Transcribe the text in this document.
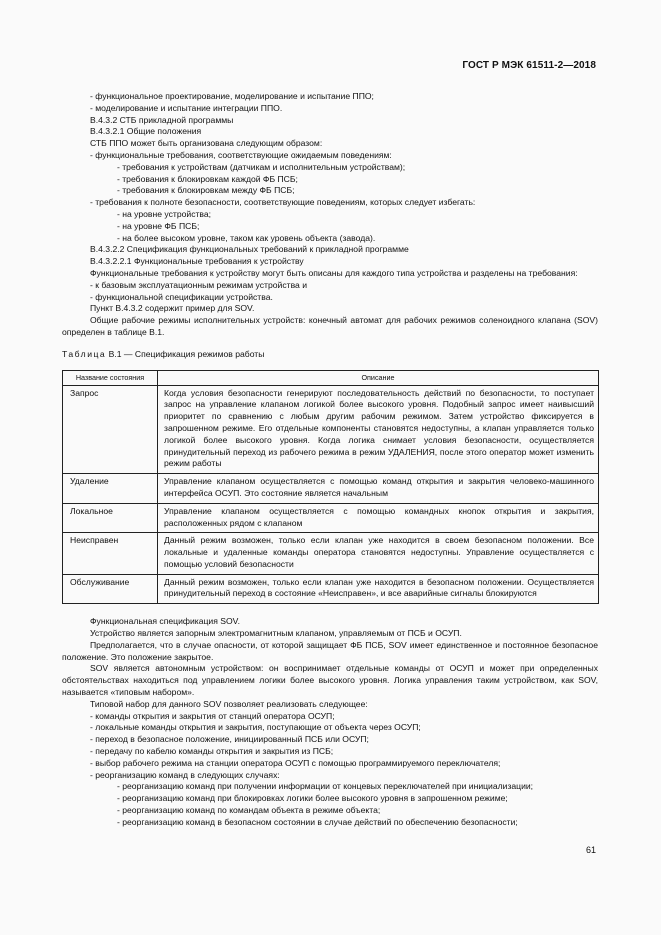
ГОСТ Р МЭК 61511-2—2018
- функциональное проектирование, моделирование и испытание ППО;
- моделирование и испытание интеграции ППО.
В.4.3.2 СТБ прикладной программы
В.4.3.2.1 Общие положения
СТБ ППО может быть организована следующим образом:
- функциональные требования, соответствующие ожидаемым поведениям:
- требования к устройствам (датчикам и исполнительным устройствам);
- требования к блокировкам каждой ФБ ПСБ;
- требования к блокировкам между ФБ ПСБ;
- требования к полноте безопасности, соответствующие поведениям, которых следует избегать:
- на уровне устройства;
- на уровне ФБ ПСБ;
- на более высоком уровне, таком как уровень объекта (завода).
В.4.3.2.2 Спецификация функциональных требований к прикладной программе
В.4.3.2.2.1 Функциональные требования к устройству
Функциональные требования к устройству могут быть описаны для каждого типа устройства и разделены на требования:
- к базовым эксплуатационным режимам устройства и
- функциональной спецификации устройства.
Пункт В.4.3.2 содержит пример для SOV.
Общие рабочие режимы исполнительных устройств: конечный автомат для рабочих режимов соленоидного клапана (SOV) определен в таблице В.1.
Таблица В.1 — Спецификация режимов работы
Название состояния	Описание
Запрос	Когда условия безопасности генерируют последовательность действий по безопасности, то поступает запрос на управление клапаном логикой более высокого уровня. Подобный запрос имеет наивысший приоритет по сравнению с любым другим рабочим режимом. Затем устройство фиксируется в запрошенном режиме. Его отдельные компоненты становятся недоступны, а клапан управляется только логикой более высокого уровня. Когда логика снимает условия безопасности, осуществляется принудительный переход из рабочего режима в режим УДАЛЕНИЯ, после этого оператор может изменить режим работы
Удаление	Управление клапаном осуществляется с помощью команд открытия и закрытия человеко-машинного интерфейса ОСУП. Это состояние является начальным
Локальное	Управление клапаном осуществляется с помощью командных кнопок открытия и закрытия, расположенных рядом с клапаном
Неисправен	Данный режим возможен, только если клапан уже находится в своем безопасном положении. Все локальные и удаленные команды оператора становятся недоступны. Управление осуществляется с помощью условий безопасности
Обслуживание	Данный режим возможен, только если клапан уже находится в безопасном положении. Осуществляется принудительный переход в состояние «Неисправен», и все аварийные сигналы блокируются
Функциональная спецификация SOV.
Устройство является запорным электромагнитным клапаном, управляемым от ПСБ и ОСУП.
Предполагается, что в случае опасности, от которой защищает ФБ ПСБ, SOV имеет единственное и постоянное безопасное положение. Это положение закрытое.
SOV является автономным устройством: он воспринимает отдельные команды от ОСУП и может при определенных обстоятельствах находиться под управлением логики более высокого уровня. Логика управления таким устройством, как SOV, называется «типовым набором».
Типовой набор для данного SOV позволяет реализовать следующее:
- команды открытия и закрытия от станций оператора ОСУП;
- локальные команды открытия и закрытия, поступающие от объекта через ОСУП;
- переход в безопасное положение, инициированный ПСБ или ОСУП;
- передачу по кабелю команды открытия и закрытия из ПСБ;
- выбор рабочего режима на станции оператора ОСУП с помощью программируемого переключателя;
- реорганизацию команд в следующих случаях:
- реорганизацию команд при получении информации от концевых переключателей при инициализации;
- реорганизацию команд при блокировках логики более высокого уровня в запрошенном режиме;
- реорганизацию команд по командам объекта в режиме объекта;
- реорганизацию команд в безопасном состоянии в случае действий по обеспечению безопасности;
61
